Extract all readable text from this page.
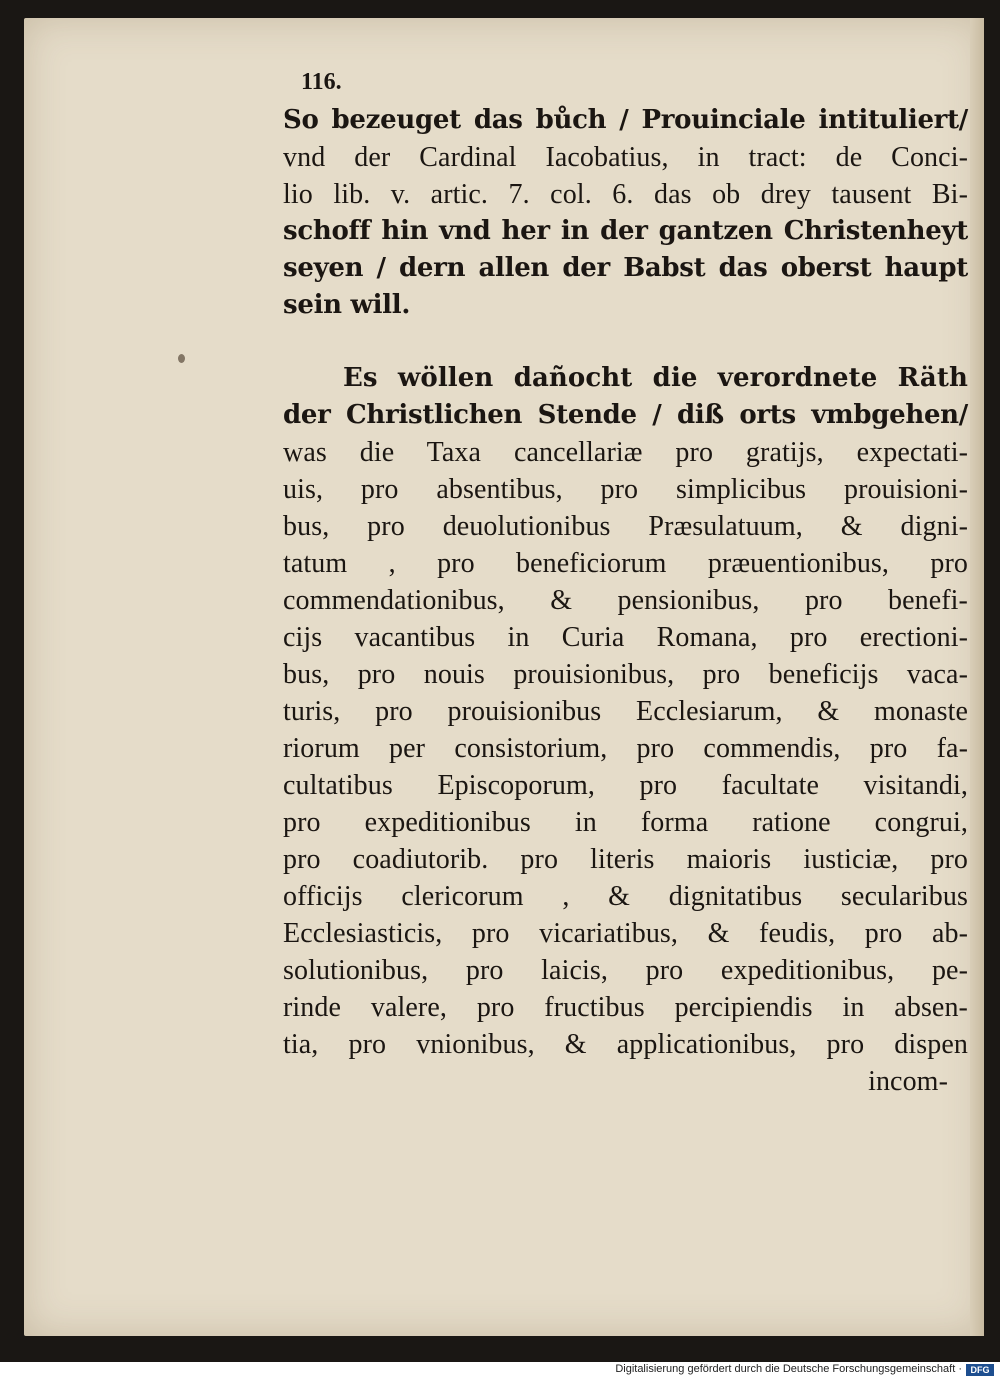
116.
So bezeuget das bůch / Prouinciale intituliert/
vnd der Cardinal Iacobatius, in tract: de Conci-
lio lib. v. artic. 7. col. 6. das ob drey tausent Bi-
schoff hin vnd her in der gantzen Christenheyt
seyen / dern allen der Babst das oberst haupt
sein will.
Es wöllen dañocht die verordnete Räth
der Christlichen Stende / diß orts vmbgehen/
was die Taxa cancellariæ pro gratijs, expectati-
uis, pro absentibus, pro simplicibus prouisioni-
bus, pro deuolutionibus Præsulatuum, & digni-
tatum , pro beneficiorum præuentionibus, pro
commendationibus, & pensionibus, pro benefi-
cijs vacantibus in Curia Romana, pro erectioni-
bus, pro nouis prouisionibus, pro beneficijs vaca-
turis, pro prouisionibus Ecclesiarum, & monaste
riorum per consistorium, pro commendis, pro fa-
cultatibus Episcoporum, pro facultate visitandi,
pro expeditionibus in forma ratione congrui,
pro coadiutorib. pro literis maioris iusticiæ, pro
officijs clericorum , & dignitatibus secularibus
Ecclesiasticis, pro vicariatibus, & feudis, pro ab-
solutionibus, pro laicis, pro expeditionibus, pe-
rinde valere, pro fructibus percipiendis in absen-
tia, pro vnionibus, & applicationibus, pro dispen
incom-
Digitalisierung gefördert durch die Deutsche Forschungsgemeinschaft · DFG
